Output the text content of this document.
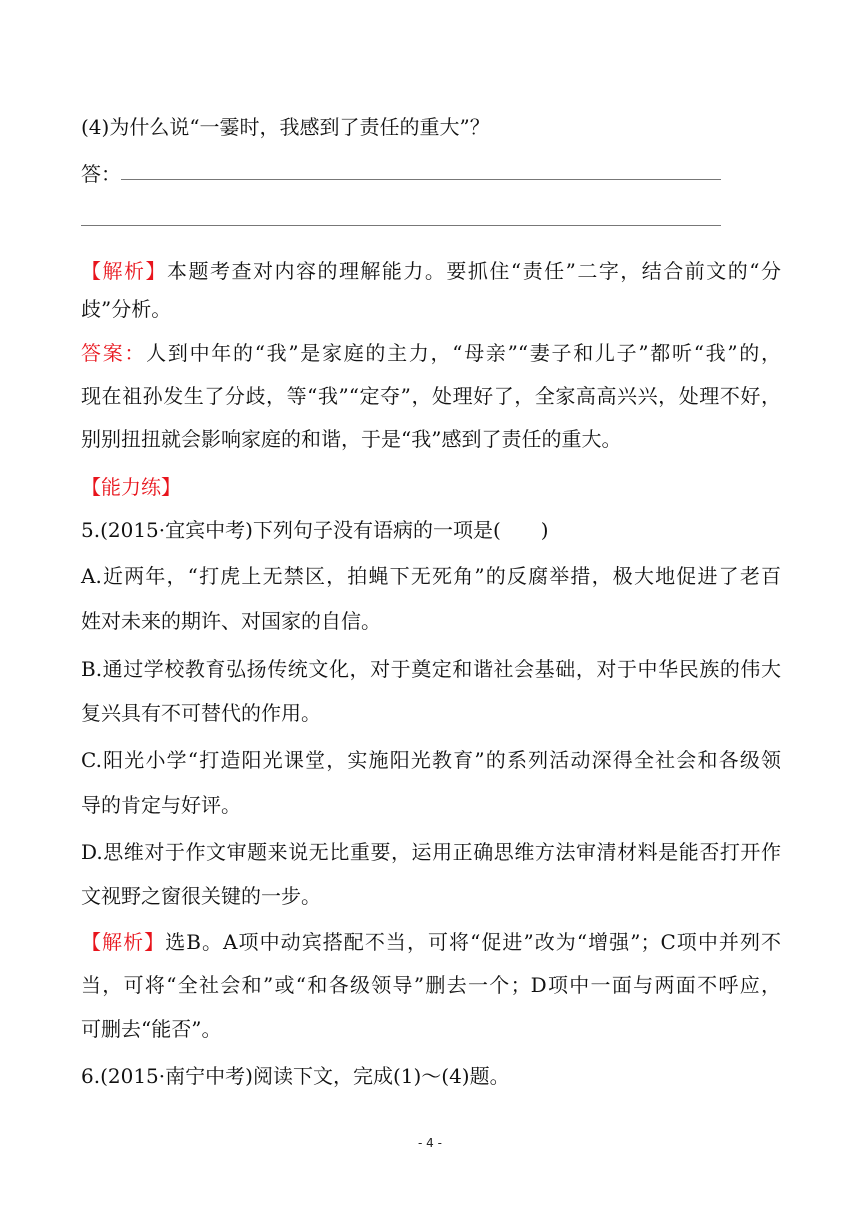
(4)为什么说“一霎时，我感到了责任的重大”？
答：
【解析】本题考查对内容的理解能力。要抓住“责任”二字，结合前文的“分
歧”分析。
答案：人到中年的“我”是家庭的主力，“母亲”“妻子和儿子”都听“我”的，
现在祖孙发生了分歧，等“我”“定夺”，处理好了，全家高高兴兴，处理不好，
别别扭扭就会影响家庭的和谐，于是“我”感到了责任的重大。
【能力练】
5.(2015·宜宾中考)下列句子没有语病的一项是(　　)
A.近两年，“打虎上无禁区，拍蝇下无死角”的反腐举措，极大地促进了老百
姓对未来的期许、对国家的自信。
B.通过学校教育弘扬传统文化，对于奠定和谐社会基础，对于中华民族的伟大
复兴具有不可替代的作用。
C.阳光小学“打造阳光课堂，实施阳光教育”的系列活动深得全社会和各级领
导的肯定与好评。
D.思维对于作文审题来说无比重要，运用正确思维方法审清材料是能否打开作
文视野之窗很关键的一步。
【解析】选B。A项中动宾搭配不当，可将“促进”改为“增强”；C项中并列不
当，可将“全社会和”或“和各级领导”删去一个；D项中一面与两面不呼应，
可删去“能否”。
6.(2015·南宁中考)阅读下文，完成(1)～(4)题。
- 4 -
